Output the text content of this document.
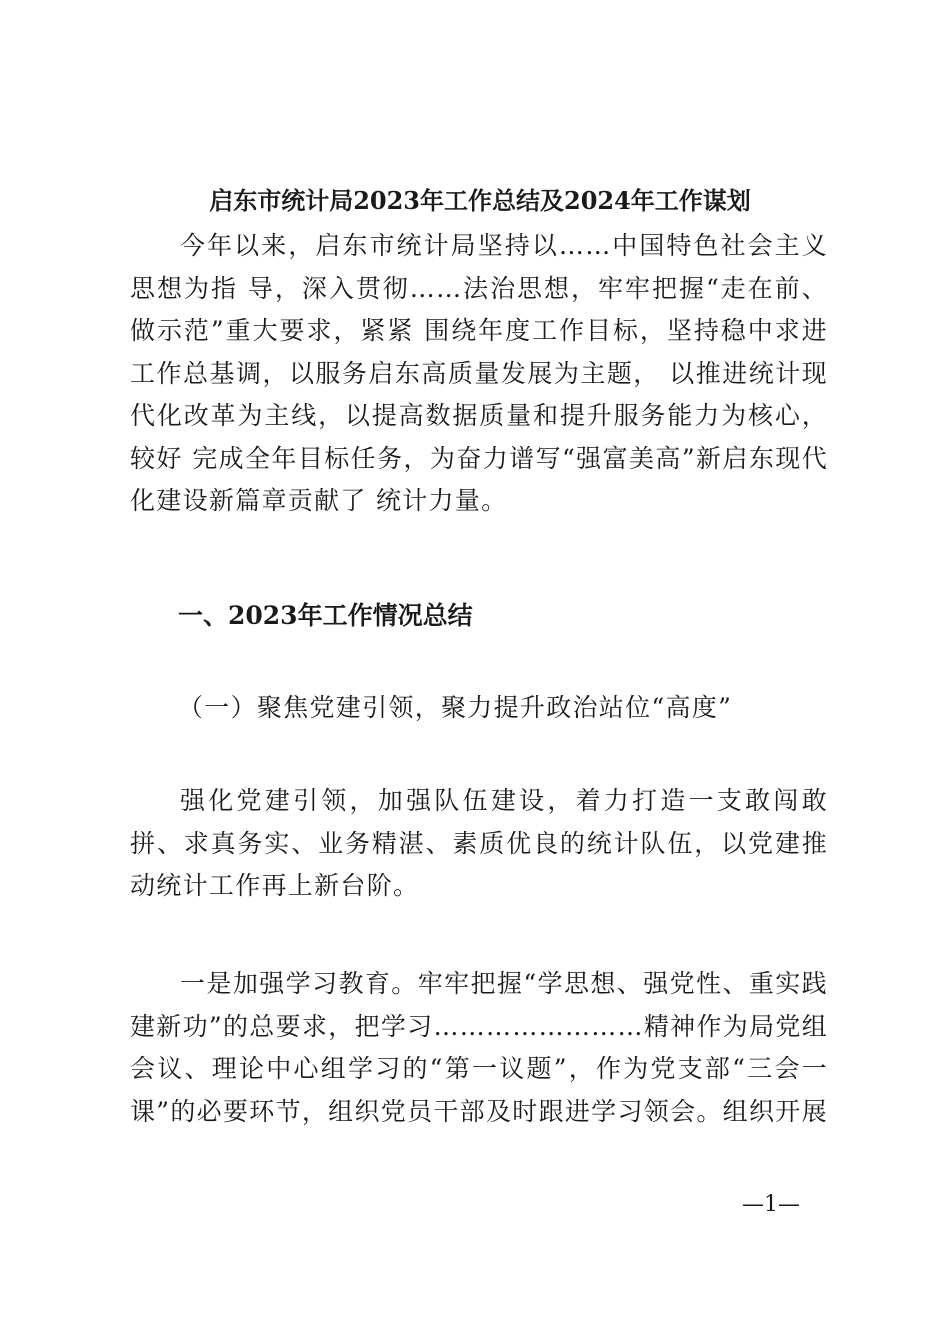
启东市统计局2023年工作总结及2024年工作谋划

今年以来，启东市统计局坚持以……中国特色社会主义思想为指 导，深入贯彻……法治思想，牢牢把握“走在前、做示范”重大要求，紧紧 围绕年度工作目标，坚持稳中求进工作总基调，以服务启东高质量发展为主题， 以推进统计现代化改革为主线，以提高数据质量和提升服务能力为核心，较好 完成全年目标任务，为奋力谱写“强富美高”新启东现代化建设新篇章贡献了 统计力量。

一、2023年工作情况总结
（一）聚焦党建引领，聚力提升政治站位“高度”

强化党建引领，加强队伍建设，着力打造一支敢闯敢拼、求真务实、业务精湛、素质优良的统计队伍，以党建推动统计工作再上新台阶。

一是加强学习教育。牢牢把握“学思想、强党性、重实践建新功”的总要求，把学习……………………精神作为局党组会议、理论中心组学习的“第一议题”，作为党支部“三会一课”的必要环节，组织党员干部及时跟进学习领会。组织开展

—1—
